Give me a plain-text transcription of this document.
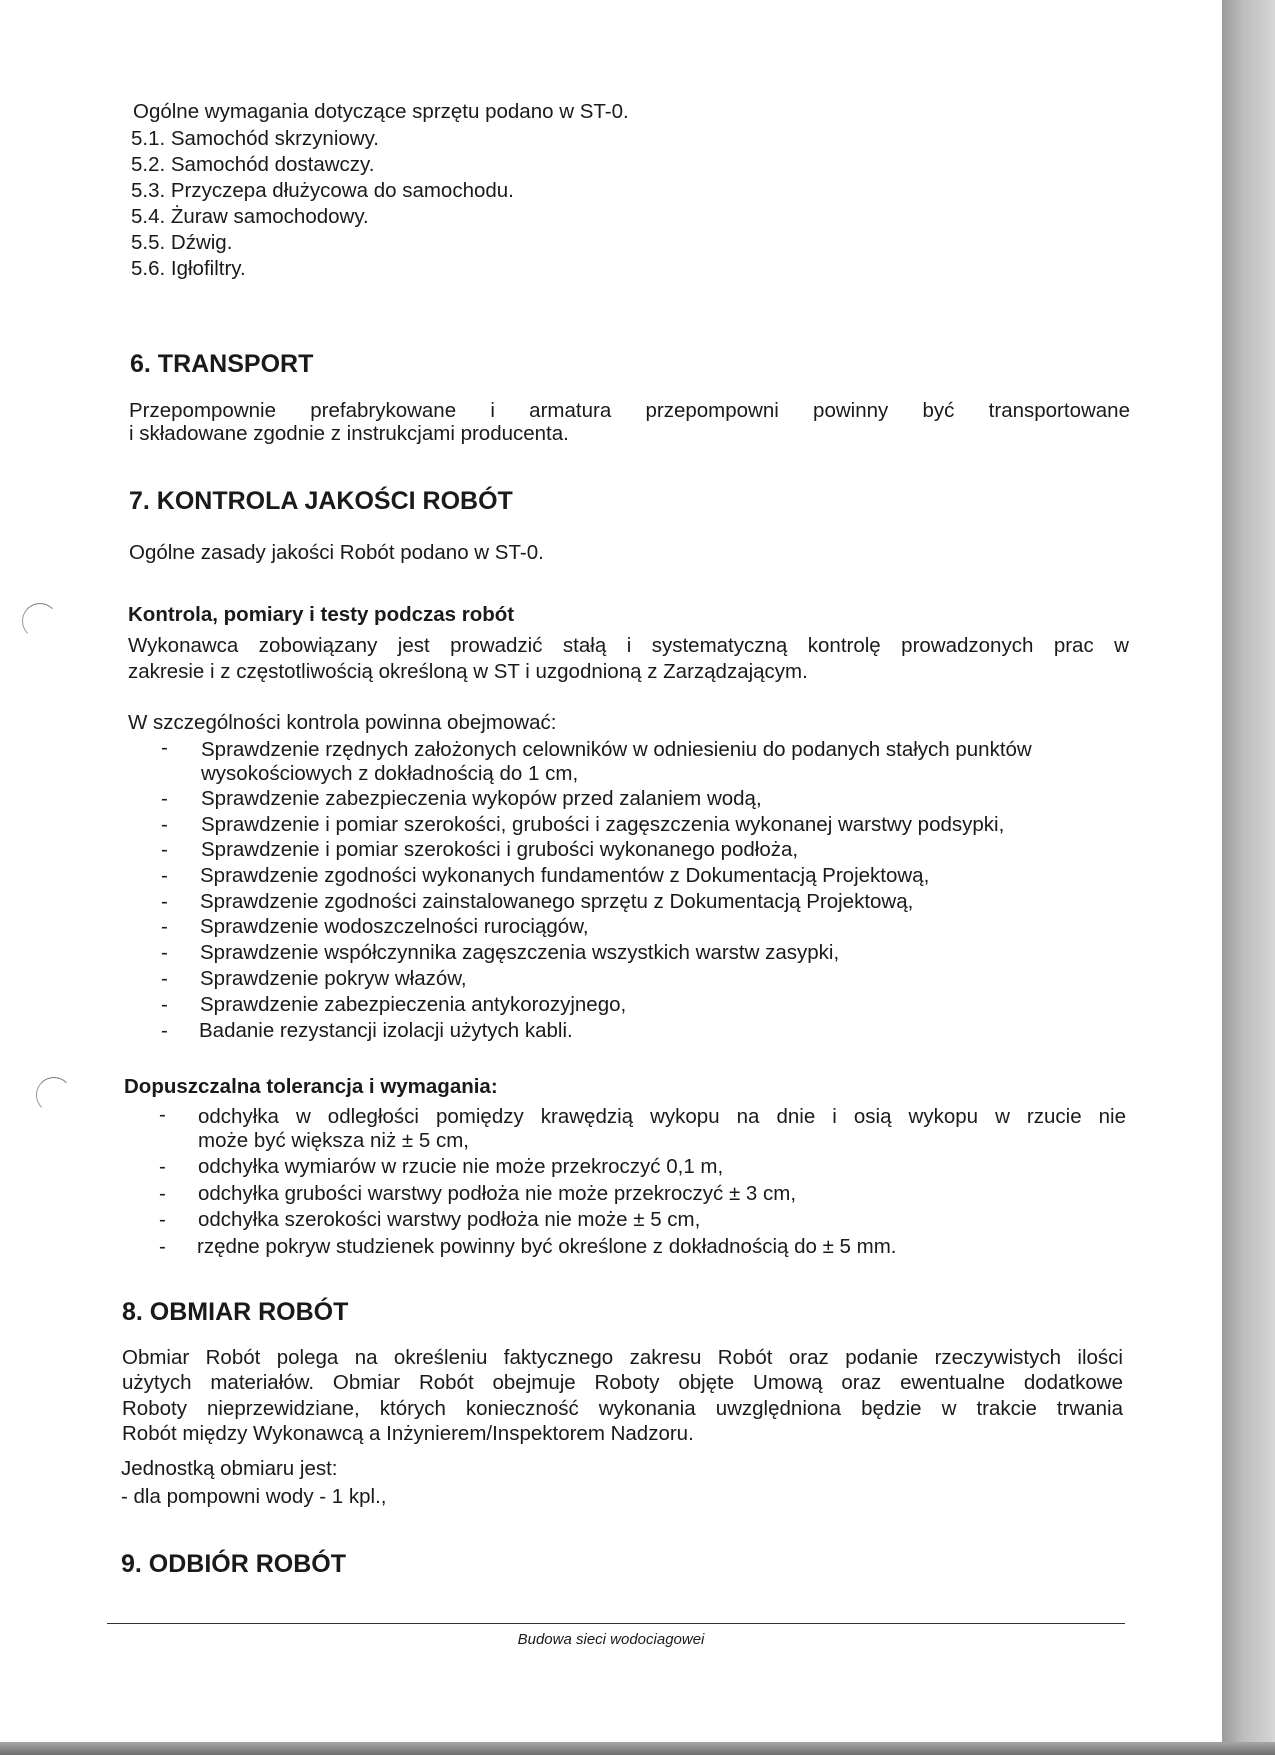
Ogólne wymagania dotyczące sprzętu podano w ST-0.
5.1. Samochód skrzyniowy.
5.2. Samochód dostawczy.
5.3. Przyczepa dłużycowa do samochodu.
5.4. Żuraw samochodowy.
5.5. Dźwig.
5.6. Igłofiltry.
6. TRANSPORT
Przepompownie prefabrykowane i armatura przepompowni powinny być transportowane
i składowane zgodnie z instrukcjami producenta.
7. KONTROLA JAKOŚCI ROBÓT
Ogólne zasady jakości Robót podano w ST-0.
Kontrola, pomiary i testy podczas robót
Wykonawca zobowiązany jest prowadzić stałą i systematyczną kontrolę prowadzonych prac w
zakresie i z częstotliwością określoną w ST i uzgodnioną z Zarządzającym.
W szczególności kontrola powinna obejmować:
- Sprawdzenie rzędnych założonych celowników w odniesieniu do podanych stałych punktów
wysokościowych z dokładnością do 1 cm,
- Sprawdzenie zabezpieczenia wykopów przed zalaniem wodą,
- Sprawdzenie i pomiar szerokości, grubości i zagęszczenia wykonanej warstwy podsypki,
- Sprawdzenie i pomiar szerokości i grubości wykonanego podłoża,
- Sprawdzenie zgodności wykonanych fundamentów z Dokumentacją Projektową,
- Sprawdzenie zgodności zainstalowanego sprzętu z Dokumentacją Projektową,
- Sprawdzenie wodoszczelności rurociągów,
- Sprawdzenie współczynnika zagęszczenia wszystkich warstw zasypki,
- Sprawdzenie pokryw włazów,
- Sprawdzenie zabezpieczenia antykorozyjnego,
- Badanie rezystancji izolacji użytych kabli.
Dopuszczalna tolerancja i wymagania:
- odchyłka w odległości pomiędzy krawędzią wykopu na dnie i osią wykopu w rzucie nie
może być większa niż ± 5 cm,
- odchyłka wymiarów w rzucie nie może przekroczyć 0,1 m,
- odchyłka grubości warstwy podłoża nie może przekroczyć ± 3 cm,
- odchyłka szerokości warstwy podłoża nie może ± 5 cm,
- rzędne pokryw studzienek powinny być określone z dokładnością do ± 5 mm.
8. OBMIAR ROBÓT
Obmiar Robót polega na określeniu faktycznego zakresu Robót oraz podanie rzeczywistych ilości
użytych materiałów. Obmiar Robót obejmuje Roboty objęte Umową oraz ewentualne dodatkowe
Roboty nieprzewidziane, których konieczność wykonania uwzględniona będzie w trakcie trwania
Robót między Wykonawcą a Inżynierem/Inspektorem Nadzoru.
Jednostką obmiaru jest:
- dla pompowni wody - 1 kpl.,
9. ODBIÓR ROBÓT
Budowa sieci wodociagowei
